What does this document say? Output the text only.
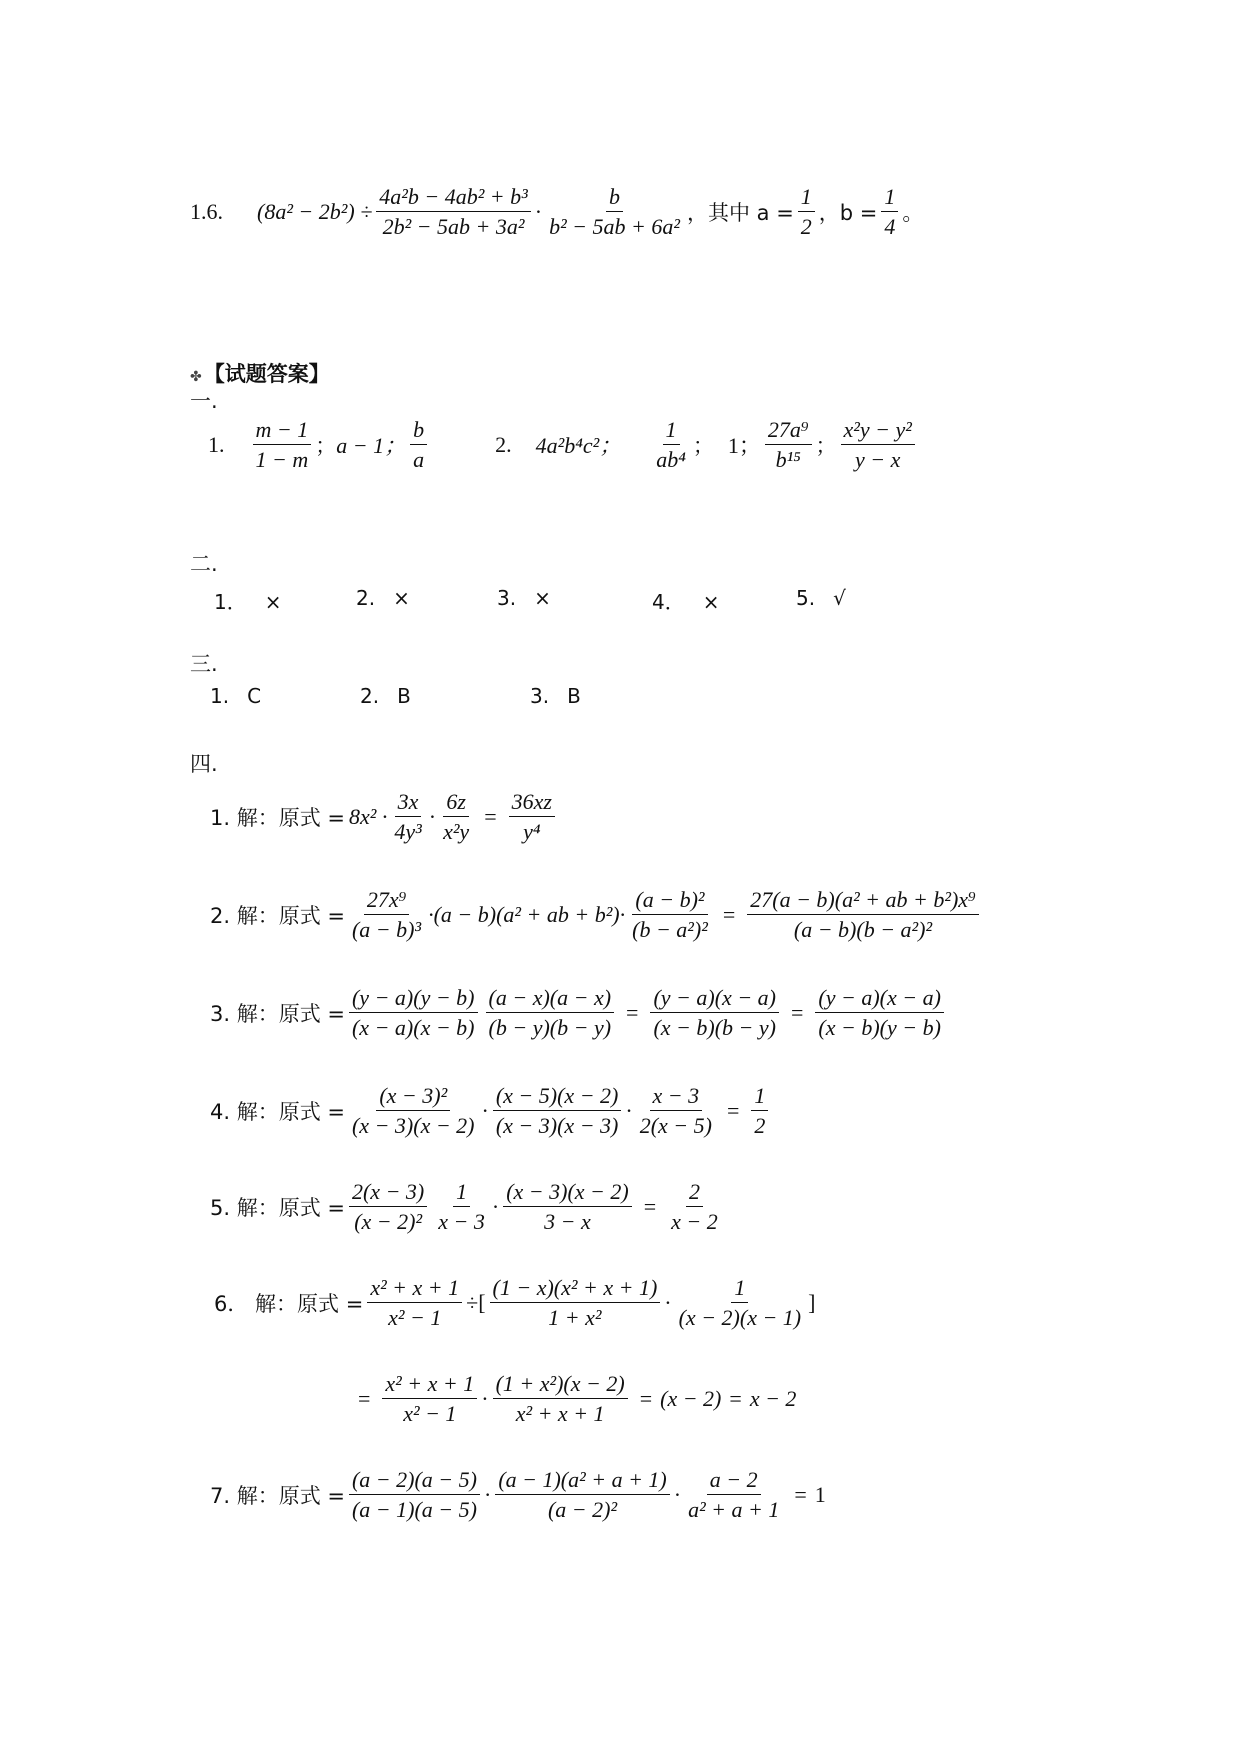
1.6. $(8a^2 - 2b^2) \div \frac{\text{4a²b − 4ab² + b³}}{\text{2b² − 5ab + 3a²}} \cdot \frac{b}{\text{b² − 5ab + 6a²}}$ ，其中 $a = \frac{1}{2}$ ，$b = \frac{1}{4}$ 。
✤【试题答案】
一.
1. $\frac{m - 1}{1 - m}$ ； a − 1； $\frac{b}{a}$	2. 4a²b⁴c²； $\frac{1}{\text{ab⁴}}$ ； 1； $\frac{\text{27a⁹}}{\text{b¹⁵}}$ ； $\frac{\text{x²y − y²}}{y - x}$
二.
1． ×	2. ×	3. ×	4． ×	5. √
三.
1. C	2. B	3. B
四.
1. 解：原式 = $8x^2 \cdot \frac{3x}{\text{4y³}} \cdot \frac{6z}{\text{x²y}} = \frac{36xz}{\text{y⁴}}$
2. 解：原式 = $\frac{\text{27x⁹}}{\text{(a − b)³}} \cdot(a - b)(a^2$ + ab + $b^2)\cdot \frac{\text{(a − b)²}}{\text{(b − a²)²}} = \frac{\text{27(a − b)(a² + ab + b²)x⁹}}{\text{(a − b)(b − a²)²}}$
3. 解：原式 = $\frac{(y - a)(y - b)}{(x - a)(x - b)} \frac{(a - x)(a - x)}{(b - y)(b - y)} = \frac{(y - a)(x - a)}{(x - b)(b - y)} = \frac{(y - a)(x - a)}{(x - b)(y - b)}$
4. 解：原式 = $\frac{\text{(x − 3)²}}{(x - 3)(x - 2)} \cdot \frac{(x - 5)(x - 2)}{(x - 3)(x - 3)} \cdot \frac{x - 3}{2(x - 5)} = \frac{1}{2}$
5. 解：原式 = $\frac{2(x - 3)}{\text{(x − 2)²}} \frac{1}{x - 3} \cdot \frac{(x - 3)(x - 2)}{3 - x} = \frac{2}{x - 2}$
6． 解：原式 = $\frac{\text{x² + x + 1}}{\text{x² − 1}}$ ÷[ $\frac{\text{(1 − x)(x² + x + 1)}}{\text{1 + x²}} \cdot \frac{1}{(x - 2)(x - 1)}$ ]
= $\frac{\text{x² + x + 1}}{\text{x² − 1}} \cdot \frac{\text{(1 + x²)(x − 2)}}{\text{x² + x + 1}} = (x - 2) = x - 2$
7. 解：原式 = $\frac{(a - 2)(a - 5)}{(a - 1)(a - 5)} \cdot \frac{\text{(a − 1)(a² + a + 1)}}{\text{(a − 2)²}} \cdot \frac{a - 2}{\text{a² + a + 1}} = 1$
